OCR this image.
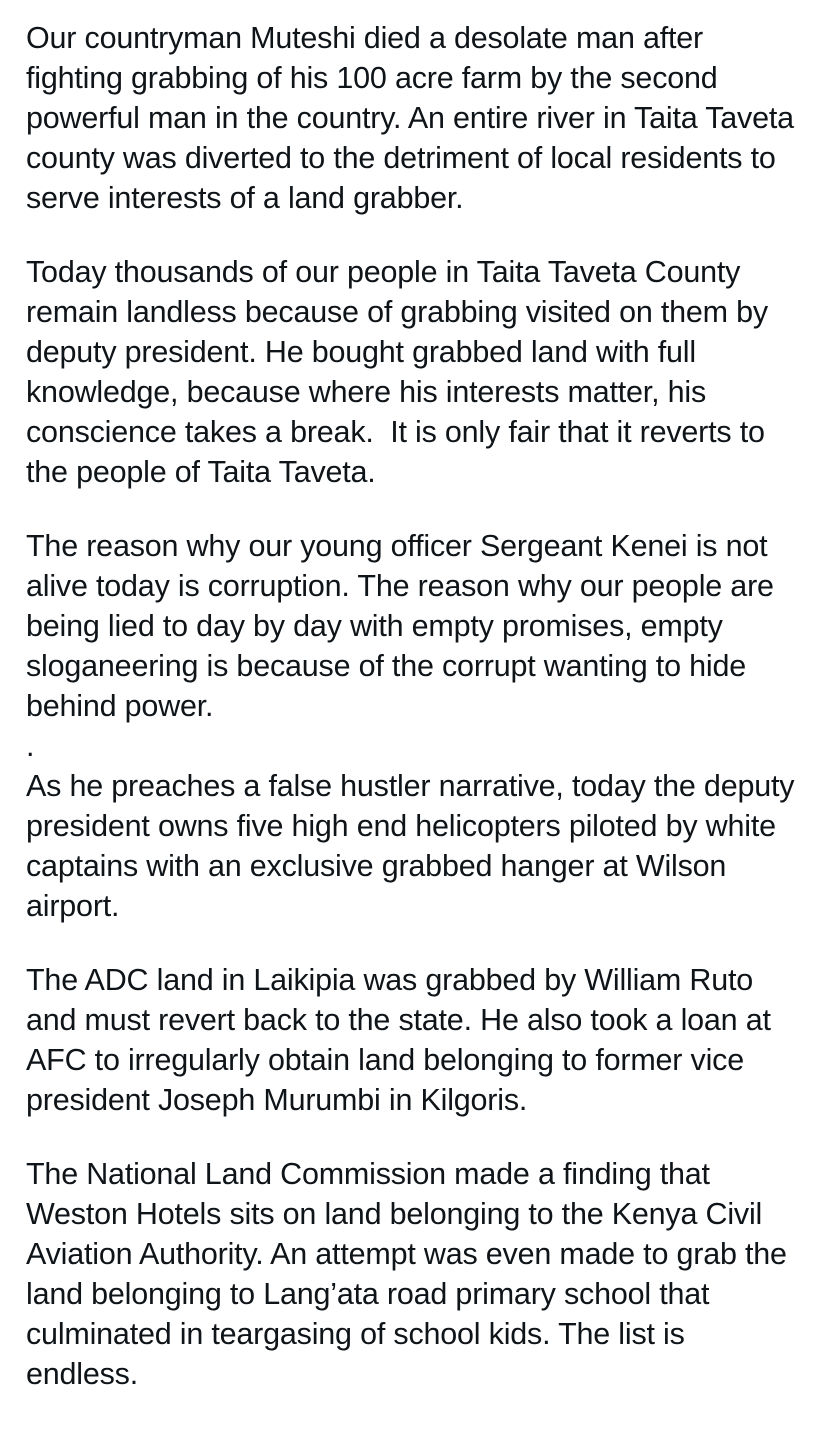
Our countryman Muteshi died a desolate man after fighting grabbing of his 100 acre farm by the second powerful man in the country. An entire river in Taita Taveta county was diverted to the detriment of local residents to serve interests of a land grabber.

Today thousands of our people in Taita Taveta County remain landless because of grabbing visited on them by deputy president. He bought grabbed land with full knowledge, because where his interests matter, his conscience takes a break.  It is only fair that it reverts to the people of Taita Taveta.

The reason why our young officer Sergeant Kenei is not alive today is corruption. The reason why our people are being lied to day by day with empty promises, empty sloganeering is because of the corrupt wanting to hide behind power.

.

As he preaches a false hustler narrative, today the deputy president owns five high end helicopters piloted by white captains with an exclusive grabbed hanger at Wilson airport.

The ADC land in Laikipia was grabbed by William Ruto and must revert back to the state. He also took a loan at AFC to irregularly obtain land belonging to former vice president Joseph Murumbi in Kilgoris.

The National Land Commission made a finding that Weston Hotels sits on land belonging to the Kenya Civil Aviation Authority. An attempt was even made to grab the land belonging to Lang’ata road primary school that culminated in teargasing of school kids. The list is endless.
